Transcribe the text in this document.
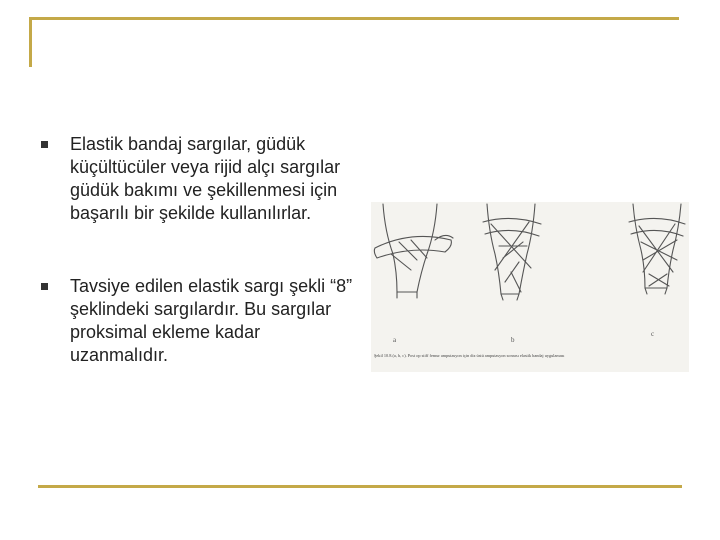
Elastik bandaj sargılar, güdük küçültücüler veya rijid alçı sargılar güdük bakımı ve şekillenmesi için başarılı bir şekilde kullanılırlar.
Tavsiye edilen elastik sargı şekli “8” şeklindeki sargılardır. Bu sargılar proksimal ekleme kadar uzanmalıdır.
a	b
c
Şekil 10.8.(a, b, c). Post op stiff femur amputasyon için diz üstü amputasyon sonrası elastik bandaj uygulaması
